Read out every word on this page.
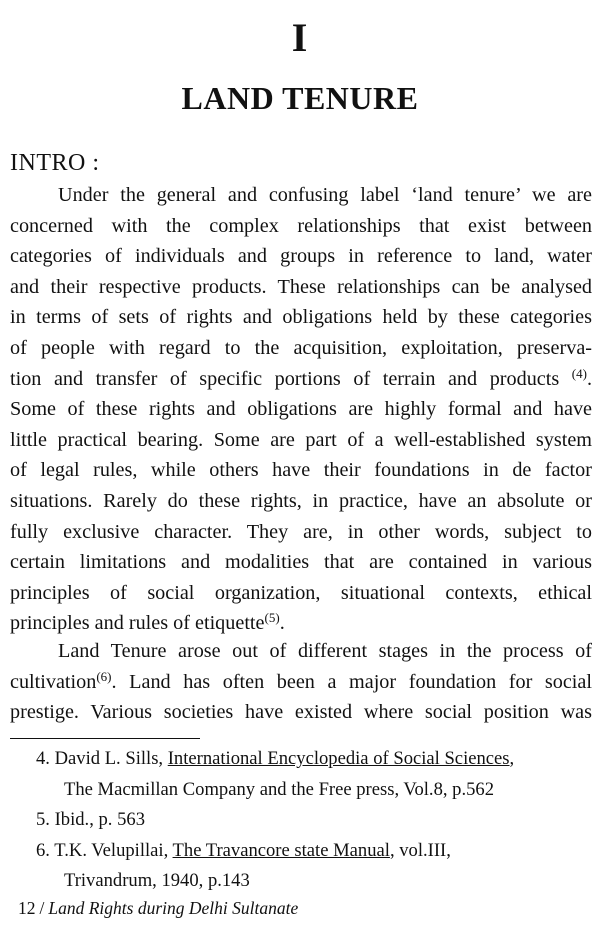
I
LAND TENURE
INTRO :
Under the general and confusing label ‘land tenure’ we are
concerned with the complex relationships that exist between
categories of individuals and groups in reference to land, water
and their respective products. These relationships can be analysed
in terms of sets of rights and obligations held by these categories
of people with regard to the acquisition, exploitation, preserva-
tion and transfer of specific portions of terrain and products $^{(4)}$.
Some of these rights and obligations are highly formal and have
little practical bearing. Some are part of a well-established system
of legal rules, while others have their foundations in de factor
situations. Rarely do these rights, in practice, have an absolute or
fully exclusive character. They are, in other words, subject to
certain limitations and modalities that are contained in various
principles of social organization, situational contexts, ethical
principles and rules of etiquette$^{(5)}$.
Land Tenure arose out of different stages in the process of
cultivation$^{(6)}$. Land has often been a major foundation for social
prestige. Various societies have existed where social position was
4. David L. Sills, International Encyclopedia of Social Sciences,
The Macmillan Company and the Free press, Vol.8, p.562
5. Ibid., p. 563
6. T.K. Velupillai, The Travancore state Manual, vol.III,
Trivandrum, 1940, p.143
12 / Land Rights during Delhi Sultanate
